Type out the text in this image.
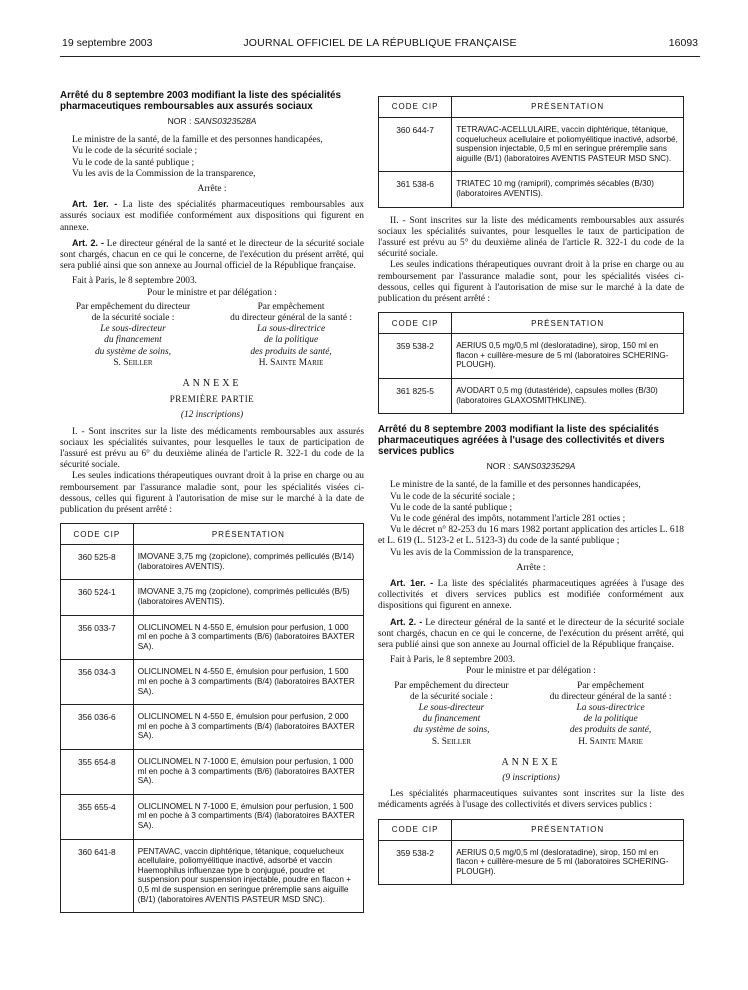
19 septembre 2003	JOURNAL OFFICIEL DE LA RÉPUBLIQUE FRANÇAISE	16093
Arrêté du 8 septembre 2003 modifiant la liste des spécialités pharmaceutiques remboursables aux assurés sociaux
NOR : SANS0323528A

Le ministre de la santé, de la famille et des personnes handicapées,

Vu le code de la sécurité sociale ;

Vu le code de la santé publique ;

Vu les avis de la Commission de la transparence,

Arrête :

Art. 1er. - La liste des spécialités pharmaceutiques remboursables aux assurés sociaux est modifiée conformément aux dispositions qui figurent en annexe.

Art. 2. - Le directeur général de la santé et le directeur de la sécurité sociale sont chargés, chacun en ce qui le concerne, de l'exécution du présent arrêté, qui sera publié ainsi que son annexe au Journal officiel de la République française.

Fait à Paris, le 8 septembre 2003.

Pour le ministre et par délégation :

Par empêchement du directeur
de la sécurité sociale :
Le sous-directeur
du financement
du système de soins,
S. Seiller
Par empêchement
du directeur général de la santé :
La sous-directrice
de la politique
des produits de santé,
H. Sainte Marie
ANNEXE
PREMIÈRE PARTIE
(12 inscriptions)

I. - Sont inscrites sur la liste des médicaments remboursables aux assurés sociaux les spécialités suivantes, pour lesquelles le taux de participation de l'assuré est prévu au 6° du deuxième alinéa de l'article R. 322-1 du code de la sécurité sociale.

Les seules indications thérapeutiques ouvrant droit à la prise en charge ou au remboursement par l'assurance maladie sont, pour les spécialités visées ci-dessous, celles qui figurent à l'autorisation de mise sur le marché à la date de publication du présent arrêté :

CODE CIP	PRÉSENTATION
360 525-8	IMOVANE 3,75 mg (zopiclone), comprimés pelliculés (B/14) (laboratoires AVENTIS).
360 524-1	IMOVANE 3,75 mg (zopiclone), comprimés pelliculés (B/5) (laboratoires AVENTIS).
356 033-7	OLICLINOMEL N 4-550 E, émulsion pour perfusion, 1 000 ml en poche à 3 compartiments (B/6) (laboratoires BAXTER SA).
356 034-3	OLICLINOMEL N 4-550 E, émulsion pour perfusion, 1 500 ml en poche à 3 compartiments (B/4) (laboratoires BAXTER SA).
356 036-6	OLICLINOMEL N 4-550 E, émulsion pour perfusion, 2 000 ml en poche à 3 compartiments (B/4) (laboratoires BAXTER SA).
355 654-8	OLICLINOMEL N 7-1000 E, émulsion pour perfusion, 1 000 ml en poche à 3 compartiments (B/6) (laboratoires BAXTER SA).
355 655-4	OLICLINOMEL N 7-1000 E, émulsion pour perfusion, 1 500 ml en poche à 3 compartiments (B/4) (laboratoires BAXTER SA).
360 641-8	PENTAVAC, vaccin diphtérique, tétanique, coquelucheux acellulaire, poliomyélitique inactivé, adsorbé et vaccin Haemophilus influenzae type b conjugué, poudre et suspension pour suspension injectable, poudre en flacon + 0,5 ml de suspension en seringue préremplie sans aiguille (B/1) (laboratoires AVENTIS PASTEUR MSD SNC).
CODE CIP	PRÉSENTATION
360 644-7	TETRAVAC-ACELLULAIRE, vaccin diphtérique, tétanique, coquelucheux acellulaire et poliomyélitique inactivé, adsorbé, suspension injectable, 0,5 ml en seringue préremplie sans aiguille (B/1) (laboratoires AVENTIS PASTEUR MSD SNC).
361 538-6	TRIATEC 10 mg (ramipril), comprimés sécables (B/30) (laboratoires AVENTIS).

II. - Sont inscrites sur la liste des médicaments remboursables aux assurés sociaux les spécialités suivantes, pour lesquelles le taux de participation de l'assuré est prévu au 5° du deuxième alinéa de l'article R. 322-1 du code de la sécurité sociale.

Les seules indications thérapeutiques ouvrant droit à la prise en charge ou au remboursement par l'assurance maladie sont, pour les spécialités visées ci-dessous, celles qui figurent à l'autorisation de mise sur le marché à la date de publication du présent arrêté :

CODE CIP	PRÉSENTATION
359 538-2	AERIUS 0,5 mg/0,5 ml (desloratadine), sirop, 150 ml en flacon + cuillère-mesure de 5 ml (laboratoires SCHERING-PLOUGH).
361 825-5	AVODART 0,5 mg (dutastéride), capsules molles (B/30) (laboratoires GLAXOSMITHKLINE).
Arrêté du 8 septembre 2003 modifiant la liste des spécialités pharmaceutiques agréées à l'usage des collectivités et divers services publics
NOR : SANS0323529A

Le ministre de la santé, de la famille et des personnes handicapées,

Vu le code de la sécurité sociale ;

Vu le code de la santé publique ;

Vu le code général des impôts, notamment l'article 281 octies ;

Vu le décret n° 82-253 du 16 mars 1982 portant application des articles L. 618 et L. 619 (L. 5123-2 et L. 5123-3) du code de la santé publique ;

Vu les avis de la Commission de la transparence,

Arrête :

Art. 1er. - La liste des spécialités pharmaceutiques agréées à l'usage des collectivités et divers services publics est modifiée conformément aux dispositions qui figurent en annexe.

Art. 2. - Le directeur général de la santé et le directeur de la sécurité sociale sont chargés, chacun en ce qui le concerne, de l'exécution du présent arrêté, qui sera publié ainsi que son annexe au Journal officiel de la République française.

Fait à Paris, le 8 septembre 2003.

Pour le ministre et par délégation :

Par empêchement du directeur
de la sécurité sociale :
Le sous-directeur
du financement
du système de soins,
S. Seiller
Par empêchement
du directeur général de la santé :
La sous-directrice
de la politique
des produits de santé,
H. Sainte Marie
ANNEXE
(9 inscriptions)

Les spécialités pharmaceutiques suivantes sont inscrites sur la liste des médicaments agréés à l'usage des collectivités et divers services publics :

CODE CIP	PRÉSENTATION
359 538-2	AERIUS 0,5 mg/0,5 ml (desloratadine), sirop, 150 ml en flacon + cuillère-mesure de 5 ml (laboratoires SCHERING-PLOUGH).
